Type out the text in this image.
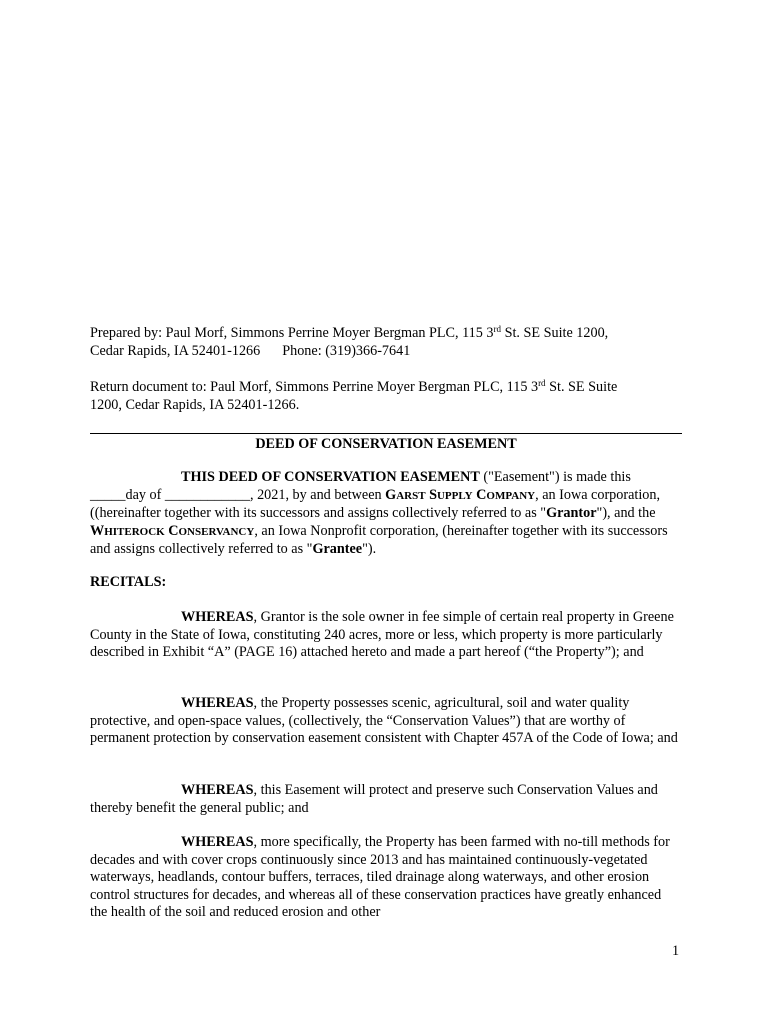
Prepared by: Paul Morf, Simmons Perrine Moyer Bergman PLC, 115 3rd St. SE Suite 1200,

Cedar Rapids, IA 52401-1266 Phone: (319)366-7641

Return document to: Paul Morf, Simmons Perrine Moyer Bergman PLC, 115 3rd St. SE Suite

1200, Cedar Rapids, IA 52401-1266.

DEED OF CONSERVATION EASEMENT

THIS DEED OF CONSERVATION EASEMENT ("Easement") is made this _____day of ____________, 2021, by and between GARST SUPPLY COMPANY, an Iowa corporation, ((hereinafter together with its successors and assigns collectively referred to as "Grantor"), and the WHITEROCK CONSERVANCY, an Iowa Nonprofit corporation, (hereinafter together with its successors and assigns collectively referred to as "Grantee").

RECITALS:

WHEREAS, Grantor is the sole owner in fee simple of certain real property in Greene County in the State of Iowa, constituting 240 acres, more or less, which property is more particularly described in Exhibit “A” (PAGE 16) attached hereto and made a part hereof (“the Property”); and

WHEREAS, the Property possesses scenic, agricultural, soil and water quality protective, and open-space values, (collectively, the “Conservation Values”) that are worthy of permanent protection by conservation easement consistent with Chapter 457A of the Code of Iowa; and

WHEREAS, this Easement will protect and preserve such Conservation Values and thereby benefit the general public; and

WHEREAS, more specifically, the Property has been farmed with no-till methods for decades and with cover crops continuously since 2013 and has maintained continuously-vegetated waterways, headlands, contour buffers, terraces, tiled drainage along waterways, and other erosion control structures for decades, and whereas all of these conservation practices have greatly enhanced the health of the soil and reduced erosion and other

1
